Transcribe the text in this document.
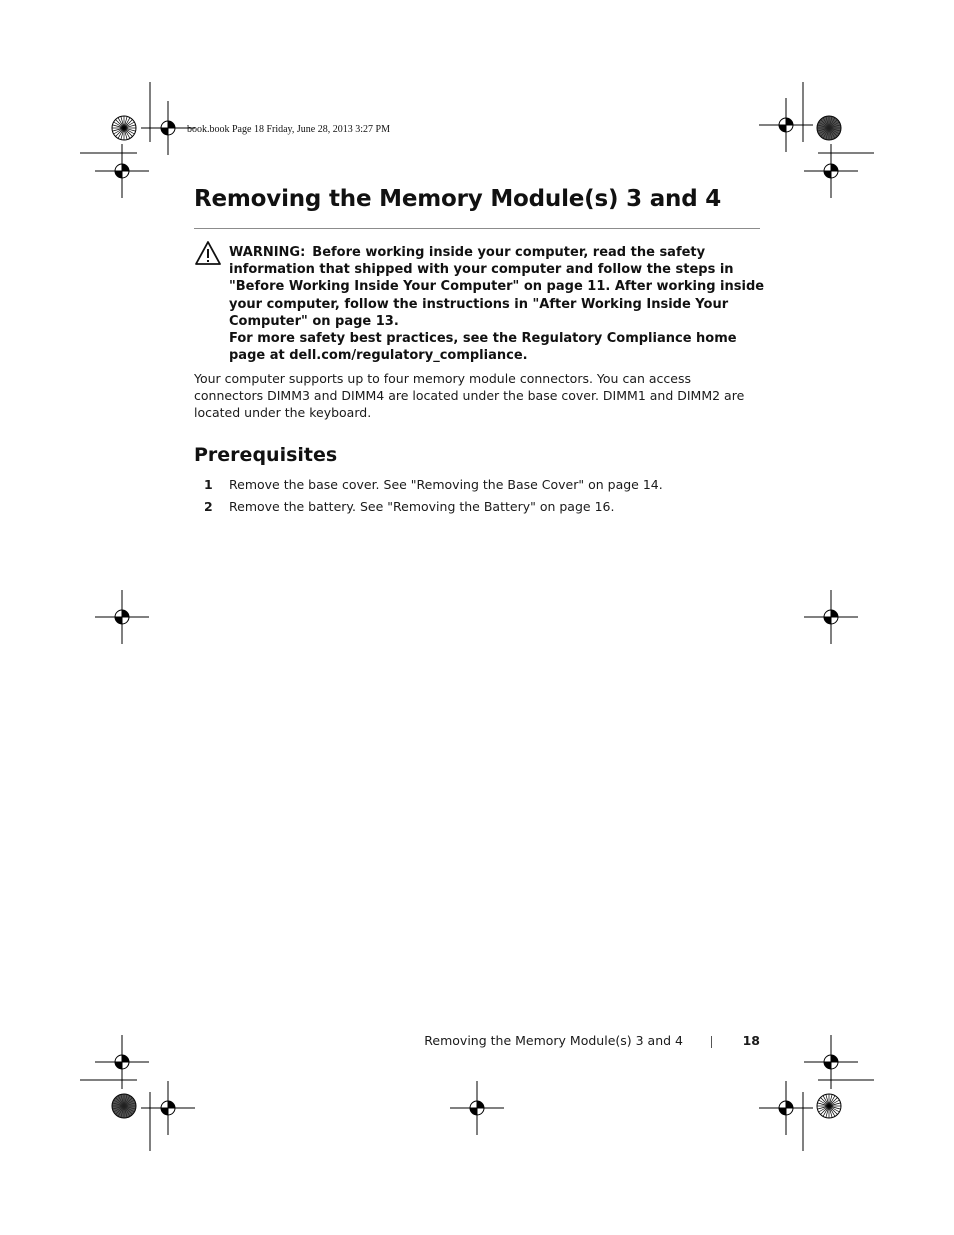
book.book Page 18 Friday, June 28, 2013 3:27 PM
Removing the Memory Module(s) 3 and 4

WARNING: Before working inside your computer, read the safety information that shipped with your computer and follow the steps in "Before Working Inside Your Computer" on page 11. After working inside your computer, follow the instructions in "After Working Inside Your Computer" on page 13.

For more safety best practices, see the Regulatory Compliance home page at dell.com/regulatory_compliance.

Your computer supports up to four memory module connectors. You can access connectors DIMM3 and DIMM4 are located under the base cover. DIMM1 and DIMM2 are located under the keyboard.

Prerequisites
1 Remove the base cover. See "Removing the Base Cover" on page 14.
2 Remove the battery. See "Removing the Battery" on page 16.
Removing the Memory Module(s) 3 and 4	18
